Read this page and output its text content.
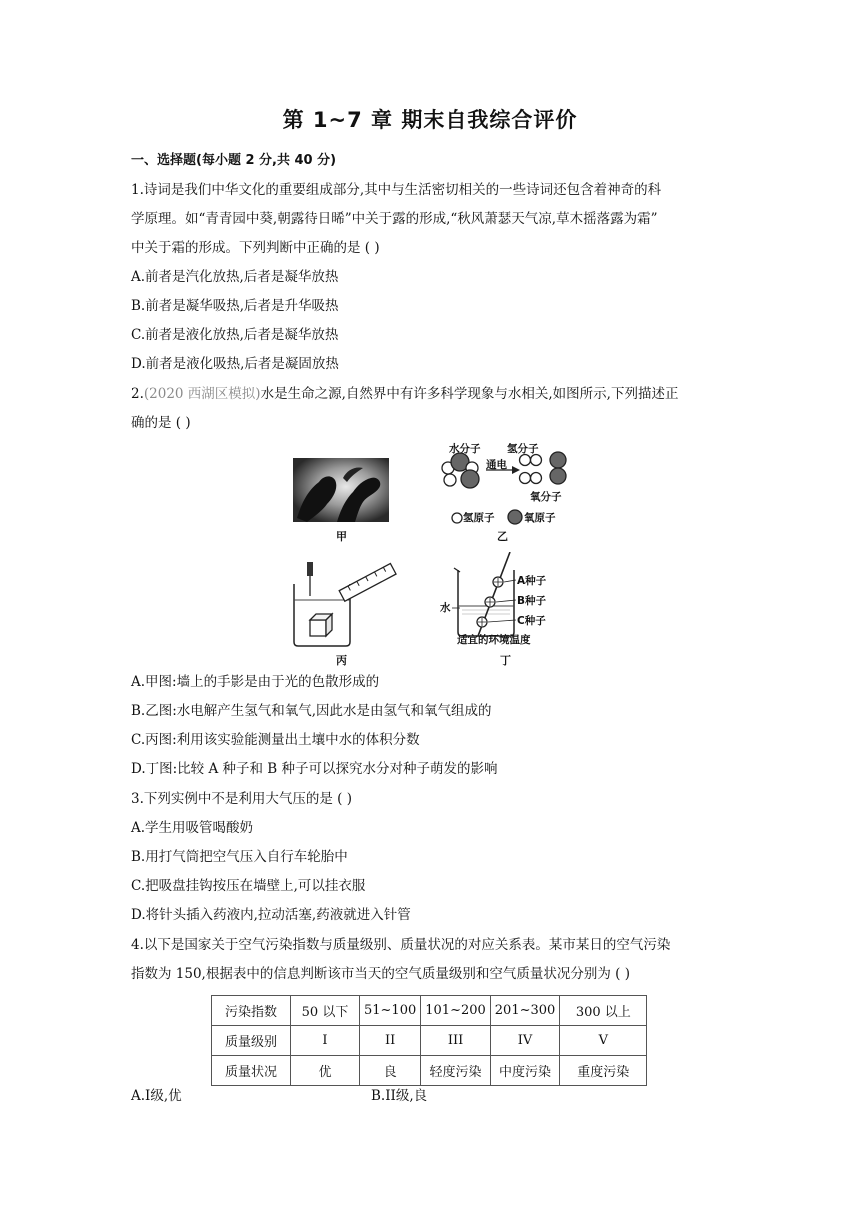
第 1~7 章 期末自我综合评价
一、选择题(每小题 2 分,共 40 分)
1.诗词是我们中华文化的重要组成部分,其中与生活密切相关的一些诗词还包含着神奇的科
学原理。如“青青园中葵,朝露待日晞”中关于露的形成,“秋风萧瑟天气凉,草木摇落露为霜”
中关于霜的形成。下列判断中正确的是 ( )
A.前者是汽化放热,后者是凝华放热
B.前者是凝华吸热,后者是升华吸热
C.前者是液化放热,后者是凝华放热
D.前者是液化吸热,后者是凝固放热
2.(2020 西湖区模拟)水是生命之源,自然界中有许多科学现象与水相关,如图所示,下列描述正
确的是 ( )
甲
水分子	氢分子
通电
氧分子
氢原子	氧原子
乙
丙
A种子
B种子
C种子
水
适宜的环境温度
丁
A.甲图:墙上的手影是由于光的色散形成的
B.乙图:水电解产生氢气和氧气,因此水是由氢气和氧气组成的
C.丙图:利用该实验能测量出土壤中水的体积分数
D.丁图:比较 A 种子和 B 种子可以探究水分对种子萌发的影响
3.下列实例中不是利用大气压的是 ( )
A.学生用吸管喝酸奶
B.用打气筒把空气压入自行车轮胎中
C.把吸盘挂钩按压在墙壁上,可以挂衣服
D.将针头插入药液内,拉动活塞,药液就进入针管
4.以下是国家关于空气污染指数与质量级别、质量状况的对应关系表。某市某日的空气污染
指数为 150,根据表中的信息判断该市当天的空气质量级别和空气质量状况分别为 ( )
污染指数	50 以下	51~100	101~200	201~300	300 以上
质量级别	I	II	III	IV	V
质量状况	优	良	轻度污染	中度污染	重度污染
A.I级,优	B.II级,良
